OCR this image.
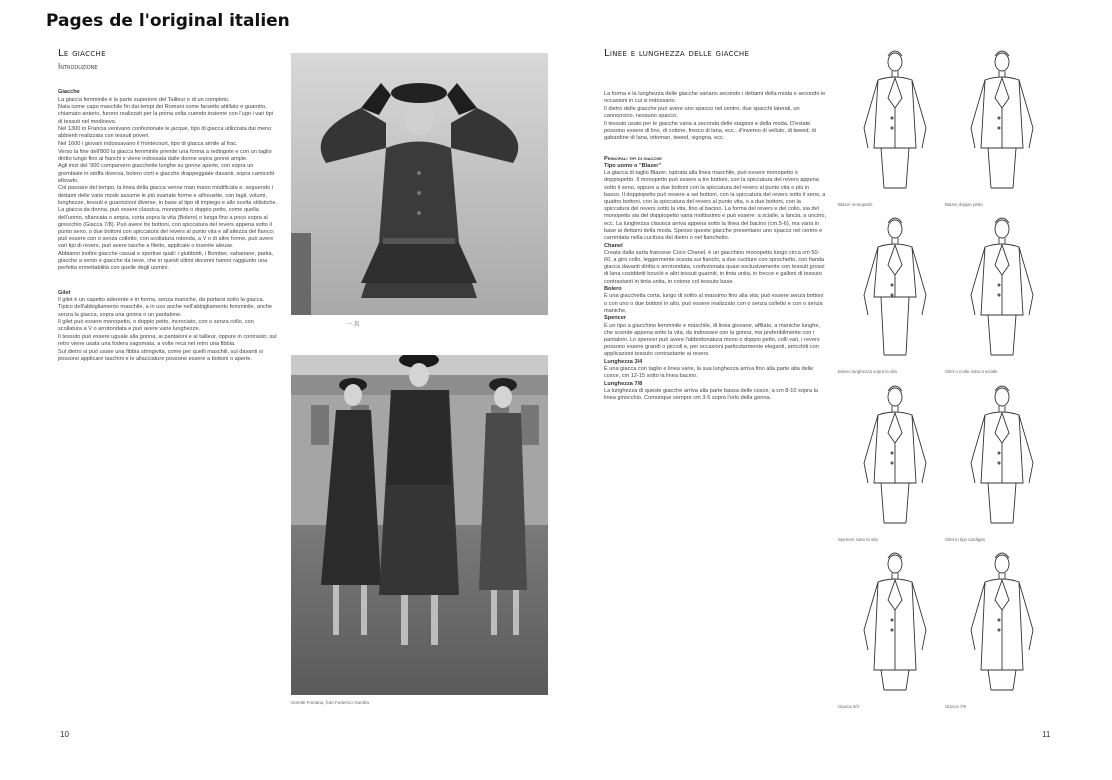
Pages de l'original italien
Le giacche
Introduzione
Giacche

La giacca femminile è la parte superiore del Tailleur o di un completo.

Nata come capo maschile fin dai tempi dei Romani come farsetto attillato e guarnito, chiamato anterio, furono realizzati per la prima volta cuendo insieme con l'ugo i vari tipi di tessuti nel medioevo.

Nel 1300 in Francia venivano confezionate le jacque, tipo di giacca utilizzata dai meno abbienti realizzata con tessuti poveri.

Nel 1600 i giovani indossavano il frontecourt, tipo di giacca simile al frac.

Verso la fine dell'800 la giacca femminile prende una forma a redingote e con un taglio diritto lungo fino ai fianchi e viene indossata dalle donne sopra gonne ampie.

Agli inizi del '900 comparvero giacchette lunghe su gonne aperte, con sopra un grembiale in stoffa diversa, bolero corti e giacche drappeggiate davanti, sopra camicetti elbowlo.

Col passare del tempo, la linea della giacca venne man mano modificata e, seguendo i dettami delle varie mode assume le più svariate forme e silhouette, con tagli, volumi, lunghezze, tessuti e guarnizioni diverse, in base al tipo di impiego e allo scelta stilistiche.

La giacca da donna, può essere classica, monopetto o doppio petto, come quella dell'uomo, sfiancata o ampia, corta sopra la vita (Bolero) o lunga fino a poco sopra al ginocchio (Giacca 7/8). Può avere tre bottoni, con spiccatura del revers appena sotto il punto seno, o due bottoni con spiccatura del revers al punto vita e all'altezza del fianco; può essere con o senza colletto, con scollatura rotonda, a V o di altre forme, può avere vari tipi di revers, può avere tasche a filetto, applicate o inserite aleuse.

Abbiamo inoltre giacche casual e sportive quali: i giubbotti, i Bomber, sahariane, parka, giacche a vento e giacche da neve, che in questi ultimi decenni hanno raggiunto una perfetta ermettabilità con quelle degli uomini.

Gilet

Il gilet è un capetto aderente e in forma, senza maniche, da portarsi sotto la giacca. Tipico dell'abbigliamento maschile, a in uso anche nell'abbigliamento femminile, anche senza la giacca, sopra una gonna o un pantalone.

Il gilet può essere monopetto, o doppio petto, incrociato, con o senza collo, con scollatura a V o arrotondata e può avere varie lunghezze.

Il tessuto può essere uguale alla gonna, ai pantaloni e al tailleur, oppure in contrasto; sul retro viene usata una fodera sagomata, a volte reca nel retro una fibbia.

Sul dietro si può usare una fibbia stringivita, come per quelli maschili, sul davanti si possono applicare taschini e le allacciature possono essere a bottoni o aperte.

一 名
Sorelle Fontana, foto Federico Garolla
10
Linee e lunghezza delle giacche

La forma e la lunghezza delle giacche variano secondo i dettami della moda e secondo le occasioni in cui si indossano.

Il dietro delle giacche può avere uno spacco nel centro, due spacchi laterali, un cannoncino, nessuno spacco.

Il tessuto usato per le giacche varia a seconda delle stagioni e della moda. D'estate possono essere di lino, di cotone, fresco di lana, ecc.; d'inverno di velluto, di tweed, di gabardine di lana, ottoman, tweed, vigogna, ecc.

Principali tipi di giacche
Tipo uomo o "Blazer"

La giacca di taglio Blazer, ispirata alla linea maschile, può essere monopetto o doppiopetto. Il monopetto può essere a tre bottoni, con la spiccatura del revers appena sotto il seno, oppure a due bottoni con la spiccatura del revers al punto vita o più in basso. Il doppiopetto può essere a sei bottoni, con la spiccatura del revers sotto il seno, a quattro bottoni, con la spiccatura del revers al punto vita, o a due bottoni, con la spiccatura del revers sotto la vita, fino al bacino. La forma del revers e del collo, sia del monopetto sia del doppiopetto varia moltissimo e può essere: a scialle, a lancia, a uncino, ecc. La lunghezza classica arriva appena sotto la linea del bacino (cm.5-6), ma varia in base ai dettami della moda. Spesso queste giacche presentano uno spacco nel centro e carrentata nella cucitura del dietro o nel fianchetto.

Chanel

Creata dalla sarta francese Coco Chanel, è un giacchino monopetto lungo circa cm 50-60, a giro collo, leggermente scesta sui fianchi, a due cuciture con sprochetto, con fianda giacca davanti diritta o arrotondata, confezionata quasi esclusivamente con tessuti grossi di lana cosiddetti bouclé e altri tessuti guarniti, in tinta unita, in trecce e galloni di tessuto contrastanti in tinta unita, in cotone col tessuto base.

Bolero

È una giacchetta corta, lungo di solito al massimo fino alla vita; può essere senza bottoni o con uno o due bottoni in alto, può essere realizzato con o senza colletto e con o senza maniche.

Spencer

È un tipo a giacchino femminile e maschile, di linea giovane, affilato, a maniche lunghe, che scende appena sotto la vita, da indossare con la gonna, ma preferibilmente con i pantaloni. Lo spencer può avere l'abbottonatura mono o doppio petto, colli vari, i revers possono essere grandi o piccoli e, per occasioni particolarmente eleganti, arricchiti con applicazioni tessuto contrastante ai revers.

Lunghezza 3/4

È una giacca con taglio e linea varie, la sua lunghezza arriva fino alla parte alta delle cosce, cm 12-15 sotto la linea bacino.

Lunghezza 7/8

La lunghezza di queste giacche arriva alla parte bassa delle cosce, a cm 8-10 sopra la linea ginocchio. Comunque sempre cm 3-5 sopra l'orlo della gonna.

Blazer monopetto	Blazer doppio petto
Bolero lunghezza sopra la vita	Gilet o crolle sotto a scialle
Spencer sotto la vita	Gilet in tipo cardigan
Giacca 3/4	Giacca 7/8
11
